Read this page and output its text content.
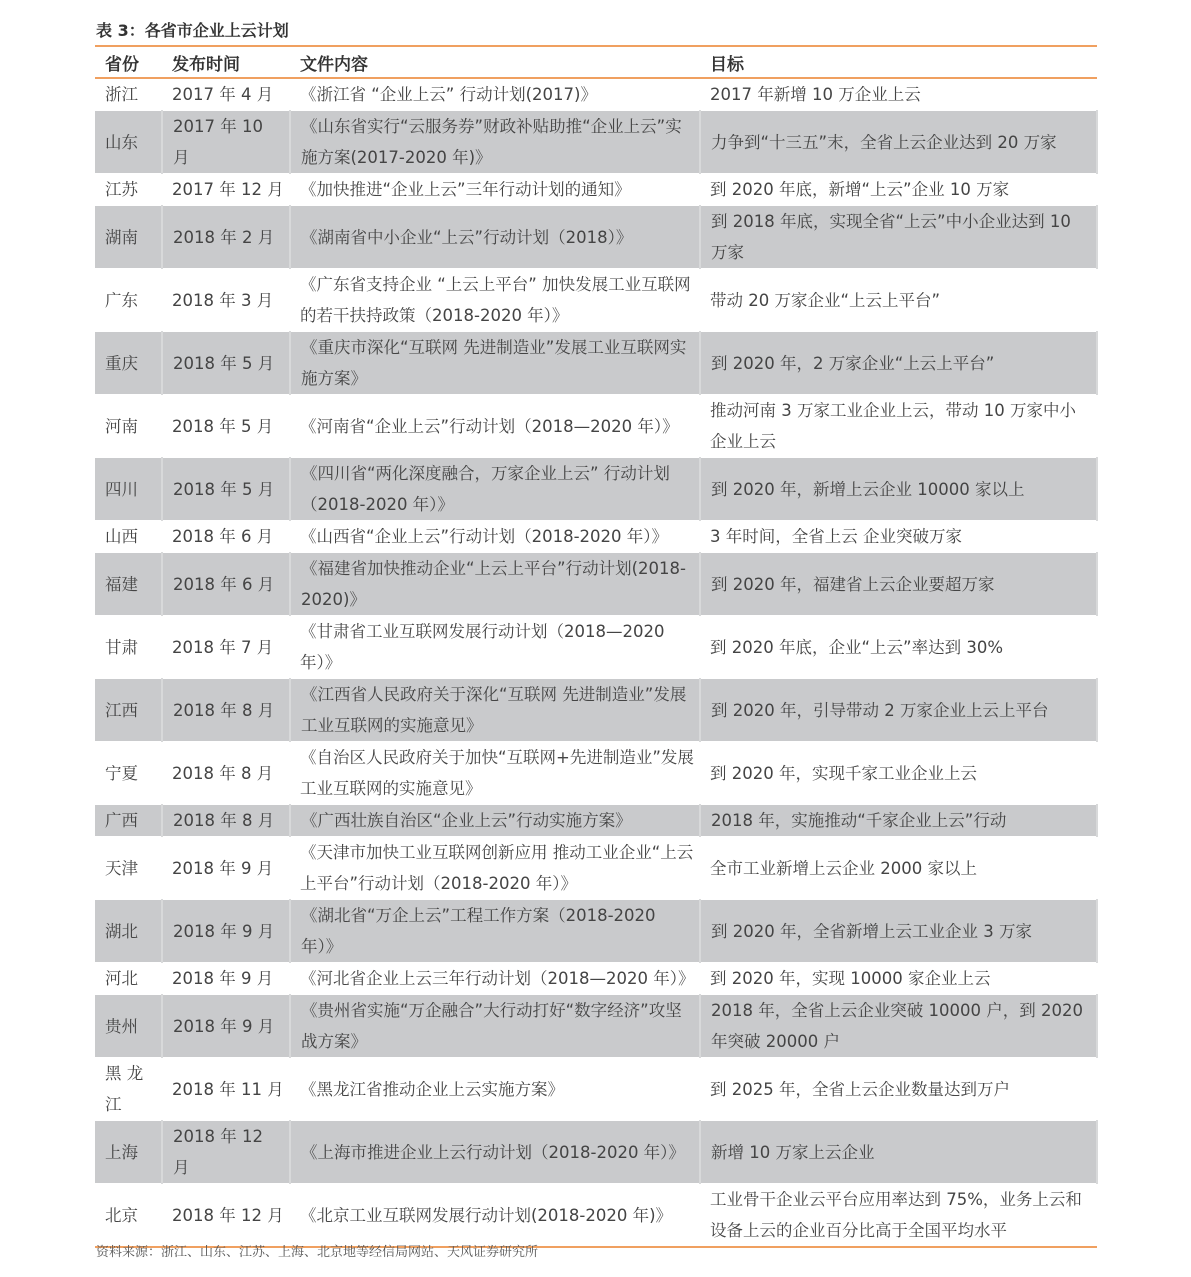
表 3：各省市企业上云计划
省份	发布时间	文件内容	目标
浙江	2017 年 4 月	《浙江省 “企业上云” 行动计划(2017)》	2017 年新增 10 万企业上云
山东	2017 年 10 月	《山东省实行“云服务券”财政补贴助推“企业上云”实施方案(2017-2020 年)》	力争到“十三五”末，全省上云企业达到 20 万家
江苏	2017 年 12 月	《加快推进“企业上云”三年行动计划的通知》	到 2020 年底，新增“上云”企业 10 万家
湖南	2018 年 2 月	《湖南省中小企业“上云”行动计划（2018）》	到 2018 年底，实现全省“上云”中小企业达到 10 万家
广东	2018 年 3 月	《广东省支持企业 “上云上平台” 加快发展工业互联网的若干扶持政策（2018-2020 年）》	带动 20 万家企业“上云上平台”
重庆	2018 年 5 月	《重庆市深化“互联网 先进制造业”发展工业互联网实施方案》	到 2020 年，2 万家企业“上云上平台”
河南	2018 年 5 月	《河南省“企业上云”行动计划（2018—2020 年）》	推动河南 3 万家工业企业上云，带动 10 万家中小企业上云
四川	2018 年 5 月	《四川省“两化深度融合，万家企业上云” 行动计划（2018-2020 年）》	到 2020 年，新增上云企业 10000 家以上
山西	2018 年 6 月	《山西省“企业上云”行动计划（2018-2020 年）》	3 年时间，全省上云 企业突破万家
福建	2018 年 6 月	《福建省加快推动企业“上云上平台”行动计划(2018-2020)》	到 2020 年，福建省上云企业要超万家
甘肃	2018 年 7 月	《甘肃省工业互联网发展行动计划（2018—2020 年）》	到 2020 年底，企业“上云”率达到 30%
江西	2018 年 8 月	《江西省人民政府关于深化“互联网 先进制造业”发展工业互联网的实施意见》	到 2020 年，引导带动 2 万家企业上云上平台
宁夏	2018 年 8 月	《自治区人民政府关于加快“互联网+先进制造业”发展工业互联网的实施意见》	到 2020 年，实现千家工业企业上云
广西	2018 年 8 月	《广西壮族自治区“企业上云”行动实施方案》	2018 年，实施推动“千家企业上云”行动
天津	2018 年 9 月	《天津市加快工业互联网创新应用 推动工业企业“上云上平台”行动计划（2018-2020 年）》	全市工业新增上云企业 2000 家以上
湖北	2018 年 9 月	《湖北省“万企上云”工程工作方案（2018-2020 年）》	到 2020 年，全省新增上云工业企业 3 万家
河北	2018 年 9 月	《河北省企业上云三年行动计划（2018—2020 年）》	到 2020 年，实现 10000 家企业上云
贵州	2018 年 9 月	《贵州省实施“万企融合”大行动打好“数字经济”攻坚战方案》	2018 年，全省上云企业突破 10000 户，到 2020 年突破 20000 户
黑 龙 江	2018 年 11 月	《黑龙江省推动企业上云实施方案》	到 2025 年，全省上云企业数量达到万户
上海	2018 年 12 月	《上海市推进企业上云行动计划（2018-2020 年）》	新增 10 万家上云企业
北京	2018 年 12 月	《北京工业互联网发展行动计划(2018-2020 年)》	工业骨干企业云平台应用率达到 75%，业务上云和设备上云的企业百分比高于全国平均水平
资料来源：浙江、山东、江苏、上海、北京地等经信局网站、天风证券研究所
